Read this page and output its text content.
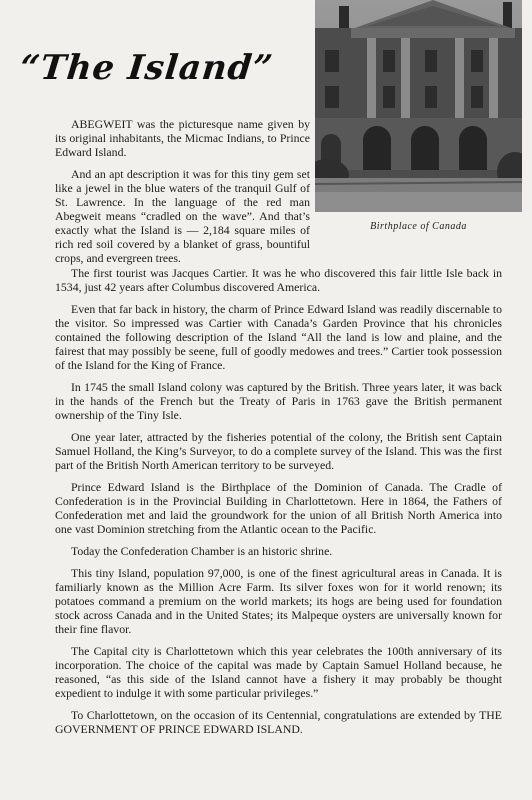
“The Island”
Birthplace of Canada

ABEGWEIT was the picturesque name given by its original inhabitants, the Micmac Indians, to Prince Edward Island.

And an apt description it was for this tiny gem set like a jewel in the blue waters of the tranquil Gulf of St. Lawrence. In the language of the red man Abegweit means “cradled on the wave”. And that’s exactly what the Island is — 2,184 square miles of rich red soil covered by a blanket of grass, bountiful crops, and evergreen trees.

The first tourist was Jacques Cartier. It was he who discovered this fair little Isle back in 1534, just 42 years after Columbus discovered America.

Even that far back in history, the charm of Prince Edward Island was readily discernable to the visitor. So impressed was Cartier with Canada’s Garden Province that his chronicles contained the following description of the Island “All the land is low and plaine, and the fairest that may possibly be seene, full of goodly medowes and trees.” Cartier took possession of the Island for the King of France.

In 1745 the small Island colony was captured by the British. Three years later, it was back in the hands of the French but the Treaty of Paris in 1763 gave the British permanent ownership of the Tiny Isle.

One year later, attracted by the fisheries potential of the colony, the British sent Captain Samuel Holland, the King’s Surveyor, to do a complete survey of the Island. This was the first part of the British North American territory to be surveyed.

Prince Edward Island is the Birthplace of the Dominion of Canada. The Cradle of Confederation is in the Provincial Building in Charlottetown. Here in 1864, the Fathers of Confederation met and laid the groundwork for the union of all British North America into one vast Dominion stretching from the Atlantic ocean to the Pacific.

Today the Confederation Chamber is an historic shrine.

This tiny Island, population 97,000, is one of the finest agricultural areas in Canada. It is familiarly known as the Million Acre Farm. Its silver foxes won for it world renown; its potatoes command a premium on the world markets; its hogs are being used for foundation stock across Canada and in the United States; its Malpeque oysters are universally known for their fine flavor.

The Capital city is Charlottetown which this year celebrates the 100th anniversary of its incorporation. The choice of the capital was made by Captain Samuel Holland because, he reasoned, “as this side of the Island cannot have a fishery it may probably be thought expedient to indulge it with some particular privileges.”

To Charlottetown, on the occasion of its Centennial, congratulations are extended by THE GOVERNMENT OF PRINCE EDWARD ISLAND.
